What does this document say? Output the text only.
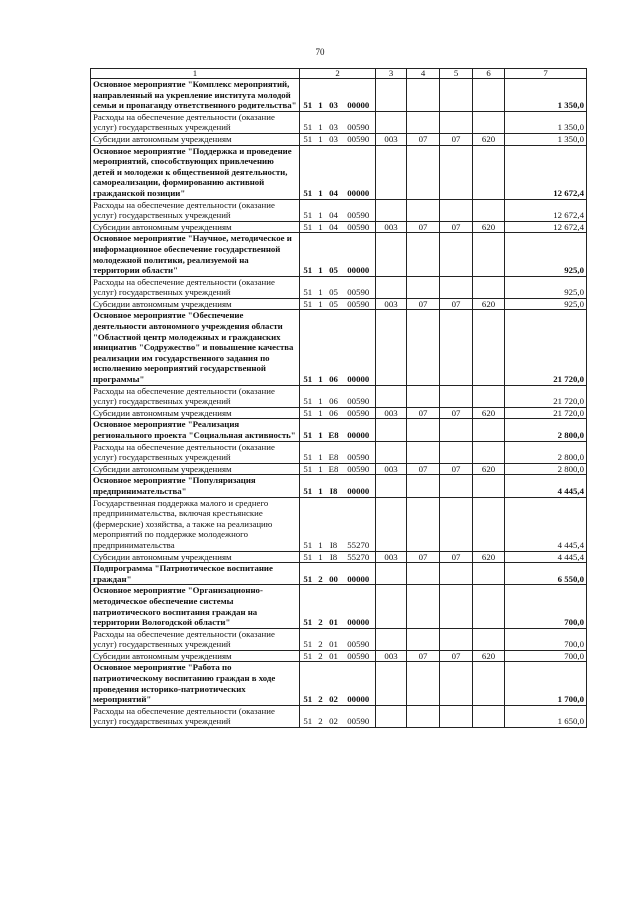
70
1	2				3	4	5	6	7
Основное мероприятие "Комплекс мероприятий, направленный на укрепление института молодой семьи и пропаганду ответственного родительства"	51	1	03	00000					1 350,0
Расходы на обеспечение деятельности (оказание услуг) государственных учреждений	51	1	03	00590					1 350,0
Субсидии автономным учреждениям	51	1	03	00590	003	07	07	620	1 350,0
Основное мероприятие "Поддержка и проведение мероприятий, способствующих привлечению детей и молодежи к общественной деятельности, самореализации, формированию активной гражданской позиции"	51	1	04	00000					12 672,4
Расходы на обеспечение деятельности (оказание услуг) государственных учреждений	51	1	04	00590					12 672,4
Субсидии автономным учреждениям	51	1	04	00590	003	07	07	620	12 672,4
Основное мероприятие "Научное, методическое и информационное обеспечение государственной молодежной политики, реализуемой на территории области"	51	1	05	00000					925,0
Расходы на обеспечение деятельности (оказание услуг) государственных учреждений	51	1	05	00590					925,0
Субсидии автономным учреждениям	51	1	05	00590	003	07	07	620	925,0
Основное мероприятие "Обеспечение деятельности автономного учреждения области "Областной центр молодежных и гражданских инициатив "Содружество" и повышение качества реализации им государственного задания по исполнению мероприятий государственной программы"	51	1	06	00000					21 720,0
Расходы на обеспечение деятельности (оказание услуг) государственных учреждений	51	1	06	00590					21 720,0
Субсидии автономным учреждениям	51	1	06	00590	003	07	07	620	21 720,0
Основное мероприятие "Реализация регионального проекта "Социальная активность"	51	1	E8	00000					2 800,0
Расходы на обеспечение деятельности (оказание услуг) государственных учреждений	51	1	E8	00590					2 800,0
Субсидии автономным учреждениям	51	1	E8	00590	003	07	07	620	2 800,0
Основное мероприятие "Популяризация предпринимательства"	51	1	I8	00000					4 445,4
Государственная поддержка малого и среднего предпринимательства, включая крестьянские (фермерские) хозяйства, а также на реализацию мероприятий по поддержке молодежного предпринимательства	51	1	I8	55270					4 445,4
Субсидии автономным учреждениям	51	1	I8	55270	003	07	07	620	4 445,4
Подпрограмма "Патриотическое воспитание граждан"	51	2	00	00000					6 550,0
Основное мероприятие "Организационно-методическое обеспечение системы патриотического воспитания граждан на территории Вологодской области"	51	2	01	00000					700,0
Расходы на обеспечение деятельности (оказание услуг) государственных учреждений	51	2	01	00590					700,0
Субсидии автономным учреждениям	51	2	01	00590	003	07	07	620	700,0
Основное мероприятие "Работа по патриотическому воспитанию граждан в ходе проведения историко-патриотических мероприятий"	51	2	02	00000					1 700,0
Расходы на обеспечение деятельности (оказание услуг) государственных учреждений	51	2	02	00590					1 650,0
